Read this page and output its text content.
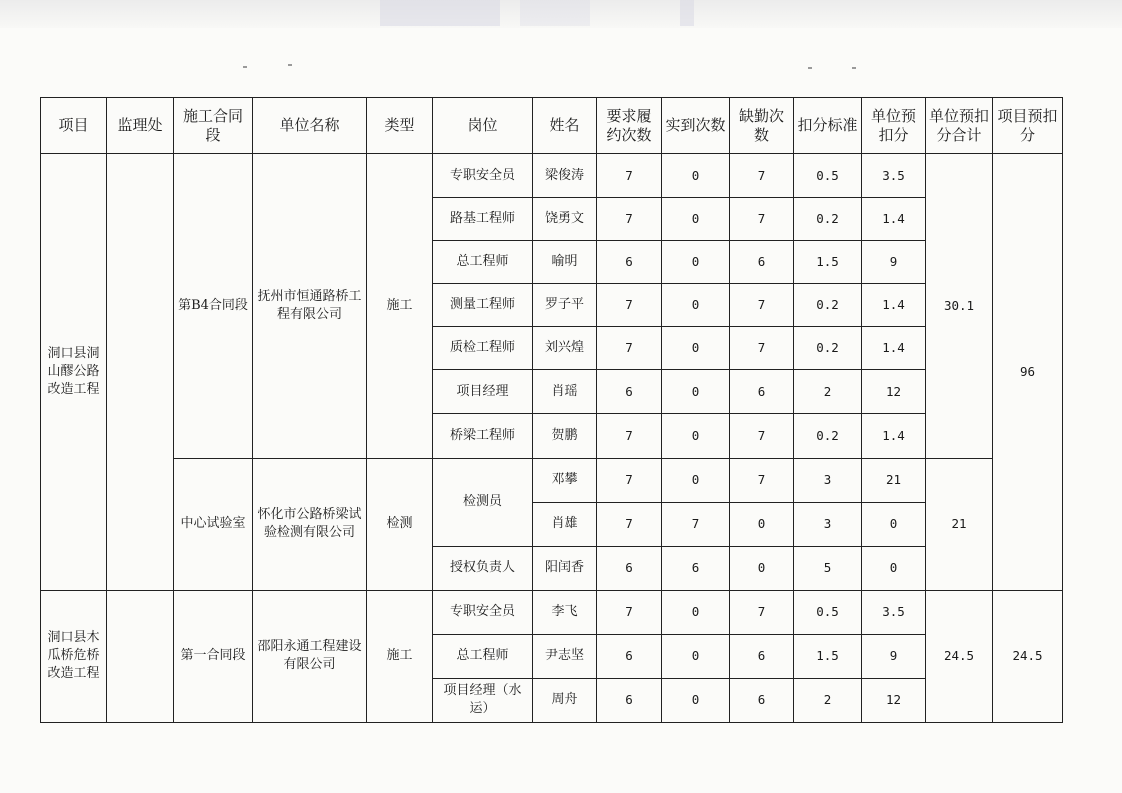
项目	监理处	施工合同段	单位名称	类型	岗位	姓名	要求履约次数	实到次数	缺勤次数	扣分标准	单位预扣分	单位预扣分合计	项目预扣分
洞口县洞山醪公路改造工程		第B4合同段	抚州市恒通路桥工程有限公司	施工	专职安全员	梁俊涛	7	0	7	0.5	3.5	30.1	96
					路基工程师	饶勇文	7	0	7	0.2	1.4		
					总工程师	喻明	6	0	6	1.5	9		
					测量工程师	罗子平	7	0	7	0.2	1.4		
					质检工程师	刘兴煌	7	0	7	0.2	1.4		
					项目经理	肖瑶	6	0	6	2	12		
					桥梁工程师	贺鹏	7	0	7	0.2	1.4		
		中心试验室	怀化市公路桥梁试验检测有限公司	检测	检测员	邓攀	7	0	7	3	21	21	
						肖雄	7	7	0	3	0		
					授权负责人	阳闰香	6	6	0	5	0		
洞口县木瓜桥危桥改造工程		第一合同段	邵阳永通工程建设有限公司	施工	专职安全员	李飞	7	0	7	0.5	3.5	24.5	24.5
					总工程师	尹志坚	6	0	6	1.5	9		
					项目经理（水运）	周舟	6	0	6	2	12		
